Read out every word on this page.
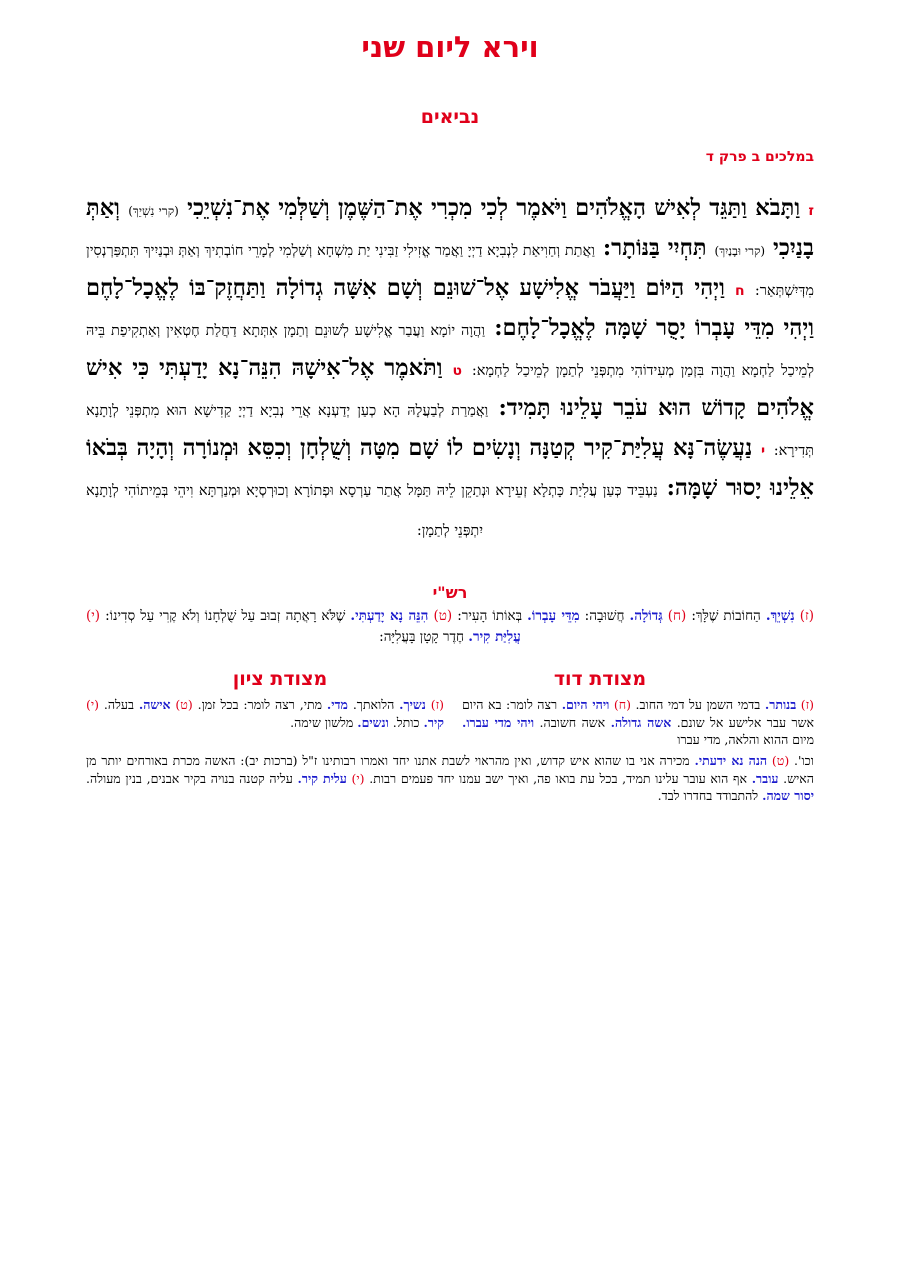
וירא ליום שני
נביאים
במלכים ב פרק ד
ז וַתָּבֹא וַתַּגֵּד לְאִישׁ הָאֱלֹהִים וַיֹּאמֶר לְכִי מִכְרִי אֶת־הַשֶּׁמֶן וְשַׁלְּמִי אֶת־נִשְׁיֵכִי (קרי נִשְׁיֵךְ) וְאַתְּ בָנַיִכִי (קרי וּבָנַיִךְ) תִּחְיִי בַּנּוֹתָר: וַאֲתַת וְחַוִיאַת לִנְבִיָא דַיְיָ וַאֲמַר אֱזִילִי זַבִּינִי יַת מִשְׁחָא וְשַׁלְמִי לְמָרֵי חוֹבְתִיךְ וְאַתְּ וּבְנַיִיךְ תִּתְפַּרְנְסִין מִדְּיִשְׁתְּאַר: ח וַיְהִי הַיּוֹם וַיַּעֲבֹר אֱלִישָׁע אֶל־שׁוּנֵם וְשָׁם אִשָּׁה גְדוֹלָה וַתַּחֲזֶק־בּוֹ לֶאֱכָל־לָחֶם וַיְהִי מִדֵּי עָבְרוֹ יָסֻר שָׁמָּה לֶאֱכָל־לָחֶם: וַהֲוָה יוֹמָא וַעֲבַר אֱלִישָׁע לְשׁוּנֵם וְתַמָן אִתְּתָא דַחֲלַת חֶטְאִין וְאַתְקִיפַת בֵּיהּ לְמֵיכַל לַחְמָא וַהֲוָה בִּזְמַן מְעִידוֹהִי מִתְפְּנֵי לְתַמָן לְמֵיכַל לַחְמָא: ט וַתֹּאמֶר אֶל־אִישָׁהּ הִנֵּה־נָא יָדַעְתִּי כִּי אִישׁ אֱלֹהִים קָדוֹשׁ הוּא עֹבֵר עָלֵינוּ תָּמִיד: וַאֲמַרַת לְבַעֲלָהּ הָא כְעַן יְדַעְנָא אֲרֵי נְבִיָא דַיְיָ קַדִישָׁא הוּא מִתְפְּנֵי לְוָתָנָא תְּדִירָא: י נַעֲשֶׂה־נָּא עֲלִיַּת־קִיר קְטַנָּה וְנָשִׂים לוֹ שָׁם מִטָּה וְשֻׁלְחָן וְכִסֵּא וּמְנוֹרָה וְהָיָה בְּבֹאוֹ אֵלֵינוּ יָסוּר שָׁמָּה: נַעְבֵּיד כְּעַן עֲלִיַת כָּתְלָא זְעֵירָא וּנְתַקֵן לֵיהּ תַּמָּל אֲתַר עַרְסָא וּפְתוֹרָא וְכוּרְסְיָא וּמְנַרְתָּא וִיהֵי בְּמֵיתוֹהִי לְוָתָנָא יִתְפְּנֵי לְתַמָן:
רש"י
(ז) נִשְׁיֵךְ. הַחוֹבוֹת שֶׁלָּךְ: (ח) גְּדוֹלָה. חֲשׁוּבָה: מִדֵּי עָבְרוֹ. בְּאוֹתוֹ הָעִיר: (ט) הִנֵּה נָא יָדַעְתִּי. שֶׁלֹּא רָאֲתָה זְבוּב עַל שֻׁלְחָנוֹ וְלֹא קֶרִי עַל סְדִינוֹ: (י) עֲלִיַּת קִיר. חֶדֶר קָטָן בָּעֲלִיָּה:
מצודת דוד
מצודת ציון
(ז) בנותר. בדמי השמן על דמי החוב. (ח) ויהי היום. רצה לומר: בא היום אשר עבר אלישע אל שונם. אשה גדולה. אשה חשובה. ויהי מדי עברו. מיום ההוא והלאה, מדי עברו
(ז) נשיך. הלואתך. מדי. מתי, רצה לומר: בכל זמן. (ט) אישה. בעלה. (י) קיר. כותל. ונשים. מלשון שימה.
וכו'. (ט) הנה נא ידעתי. מכירה אני בו שהוא איש קדוש, ואין מהראוי לשבת אתנו יחד ואמרו רבותינו ז"ל (ברכות יב): האשה מכרת באורחים יותר מן האיש. עובר. אף הוא עובר עלינו תמיד, בכל עת בואו פה, ואיך ישב עמנו יחד פעמים רבות. (י) עלית קיר. עליה קטנה בנויה בקיר אבנים, בנין מעולה. יסור שמה. להתבודד בחדרו לבד.
